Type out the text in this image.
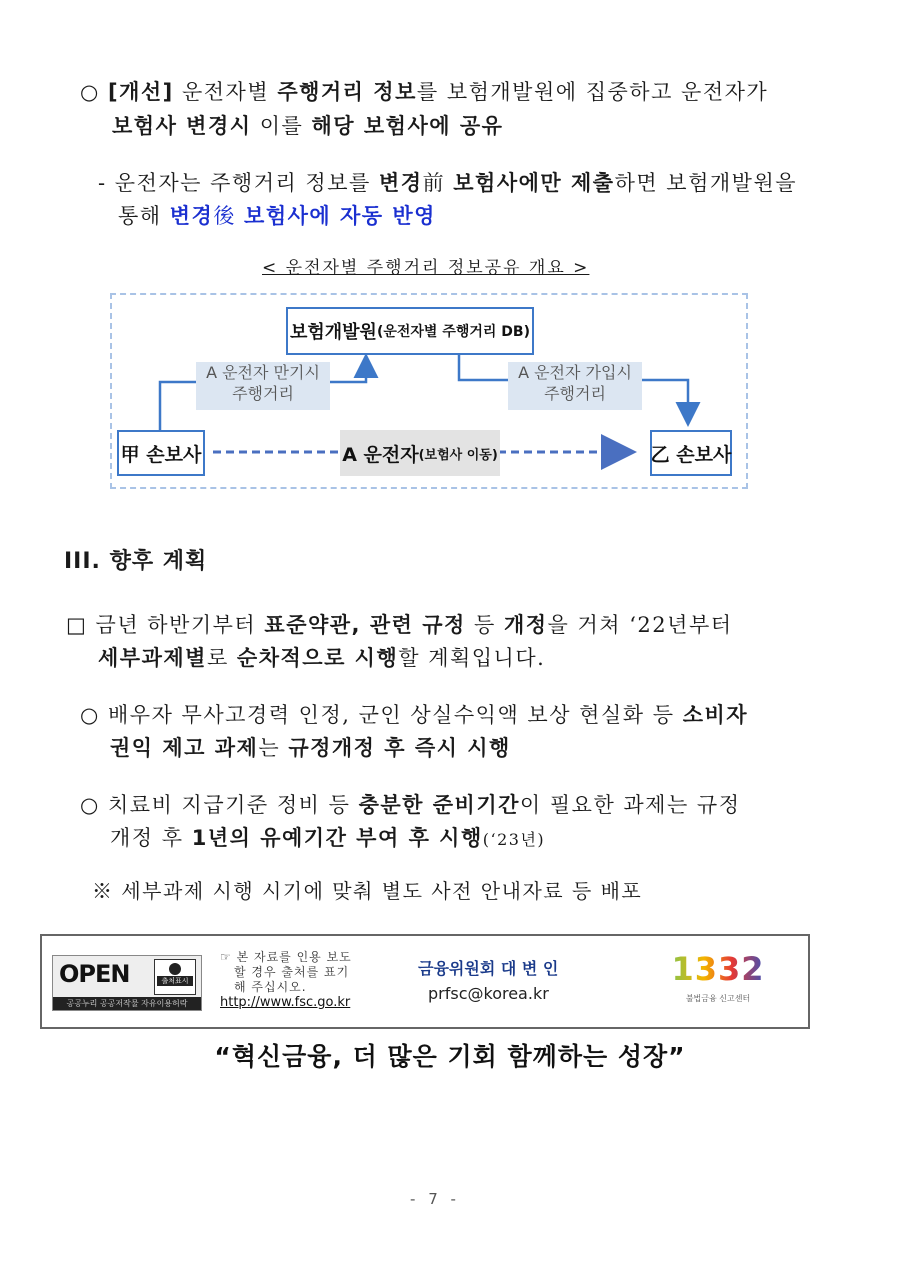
○ [개선] 운전자별 주행거리 정보를 보험개발원에 집중하고 운전자가
보험사 변경시 이를 해당 보험사에 공유
- 운전자는 주행거리 정보를 변경前 보험사에만 제출하면 보험개발원을
통해 변경後 보험사에 자동 반영
< 운전자별 주행거리 정보공유 개요 >
보험개발원 (운전자별 주행거리 DB)
A 운전자 만기시
주행거리
A 운전자 가입시
주행거리
甲 손보사	A 운전자 (보험사 이동)	乙 손보사
III. 향후 계획
□ 금년 하반기부터 표준약관, 관련 규정 등 개정을 거쳐 ‘22년부터
세부과제별로 순차적으로 시행할 계획입니다.
○ 배우자 무사고경력 인정, 군인 상실수익액 보상 현실화 등 소비자
권익 제고 과제는 규정개정 후 즉시 시행
○ 치료비 지급기준 정비 등 충분한 준비기간이 필요한 과제는 규정
개정 후 1년의 유예기간 부여 후 시행(‘23년)
※ 세부과제 시행 시기에 맞춰 별도 사전 안내자료 등 배포
OPEN	출처표시
공공누리 공공저작물 자유이용허락
☞ 본 자료를 인용 보도
할 경우 출처를 표기
해 주십시오.
http://www.fsc.go.kr
금융위원회 대 변 인
prfsc@korea.kr
1332
불법금융 신고센터
“혁신금융, 더 많은 기회 함께하는 성장”
- 7 -
